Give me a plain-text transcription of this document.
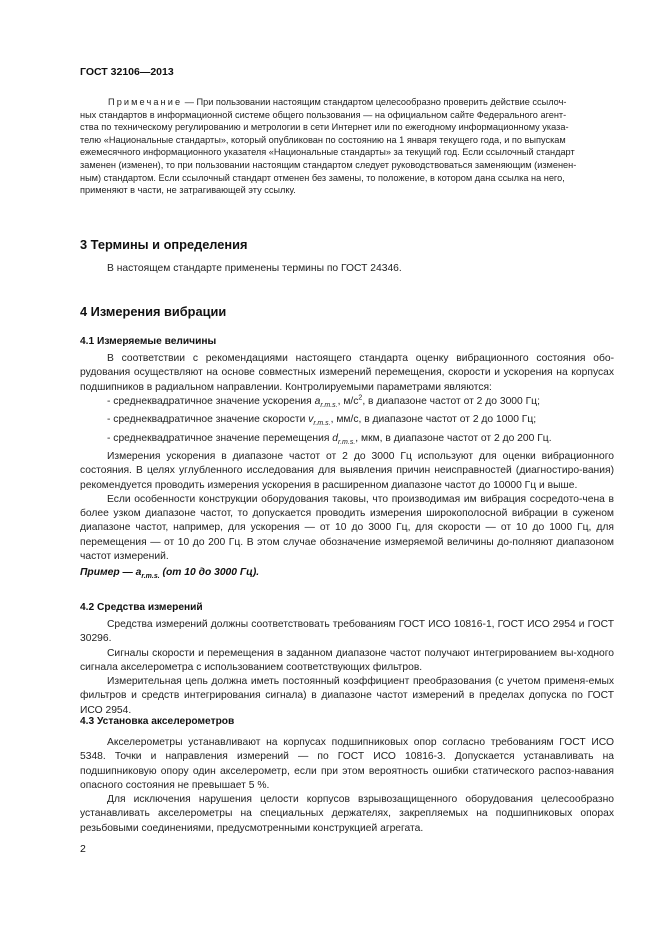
ГОСТ 32106—2013

Примечание — При пользовании настоящим стандартом целесообразно проверить действие ссылоч-

ных стандартов в информационной системе общего пользования — на официальном сайте Федерального агент-

ства по техническому регулированию и метрологии в сети Интернет или по ежегодному информационному указа-

телю «Национальные стандарты», который опубликован по состоянию на 1 января текущего года, и по выпускам

ежемесячного информационного указателя «Национальные стандарты» за текущий год. Если ссылочный стандарт

заменен (изменен), то при пользовании настоящим стандартом следует руководствоваться заменяющим (изменен-

ным) стандартом. Если ссылочный стандарт отменен без замены, то положение, в котором дана ссылка на него,

применяют в части, не затрагивающей эту ссылку.

3 Термины и определения

В настоящем стандарте применены термины по ГОСТ 24346.

4 Измерения вибрации
4.1 Измеряемые величины

В соответствии с рекомендациями настоящего стандарта оценку вибрационного состояния обо-рудования осуществляют на основе совместных измерений перемещения, скорости и ускорения на корпусах подшипников в радиальном направлении. Контролируемыми параметрами являются:

- среднеквадратичное значение ускорения $a_{r.m.s.}$, $м/с^2$, в диапазоне частот от 2 до 3000 Гц;

- среднеквадратичное значение скорости $v_{r.m.s.}$, мм/с, в диапазоне частот от 2 до 1000 Гц;

- среднеквадратичное значение перемещения $d_{r.m.s.}$, мкм, в диапазоне частот от 2 до 200 Гц.

Измерения ускорения в диапазоне частот от 2 до 3000 Гц используют для оценки вибрационного состояния. В целях углубленного исследования для выявления причин неисправностей (диагностиро-вания) рекомендуется проводить измерения ускорения в расширенном диапазоне частот до 10000 Гц и выше.

Если особенности конструкции оборудования таковы, что производимая им вибрация сосредото-чена в более узком диапазоне частот, то допускается проводить измерения широкополосной вибрации в суженом диапазоне частот, например, для ускорения — от 10 до 3000 Гц, для скорости — от 10 до 1000 Гц, для перемещения — от 10 до 200 Гц. В этом случае обозначение измеряемой величины до-полняют диапазоном частот измерений.

Пример — $a_{r.m.s.}$ (от 10 до 3000 Гц).
4.2 Средства измерений

Средства измерений должны соответствовать требованиям ГОСТ ИСО 10816-1, ГОСТ ИСО 2954 и ГОСТ 30296.

Сигналы скорости и перемещения в заданном диапазоне частот получают интегрированием вы-ходного сигнала акселерометра с использованием соответствующих фильтров.

Измерительная цепь должна иметь постоянный коэффициент преобразования (с учетом применя-емых фильтров и средств интегрирования сигнала) в диапазоне частот измерений в пределах допуска по ГОСТ ИСО 2954.

4.3 Установка акселерометров

Акселерометры устанавливают на корпусах подшипниковых опор согласно требованиям ГОСТ ИСО 5348. Точки и направления измерений — по ГОСТ ИСО 10816-3. Допускается устанавливать на подшипниковую опору один акселерометр, если при этом вероятность ошибки статического распоз-навания опасного состояния не превышает 5 %.

Для исключения нарушения целости корпусов взрывозащищенного оборудования целесообразно устанавливать акселерометры на специальных держателях, закрепляемых на подшипниковых опорах резьбовыми соединениями, предусмотренными конструкцией агрегата.

2
